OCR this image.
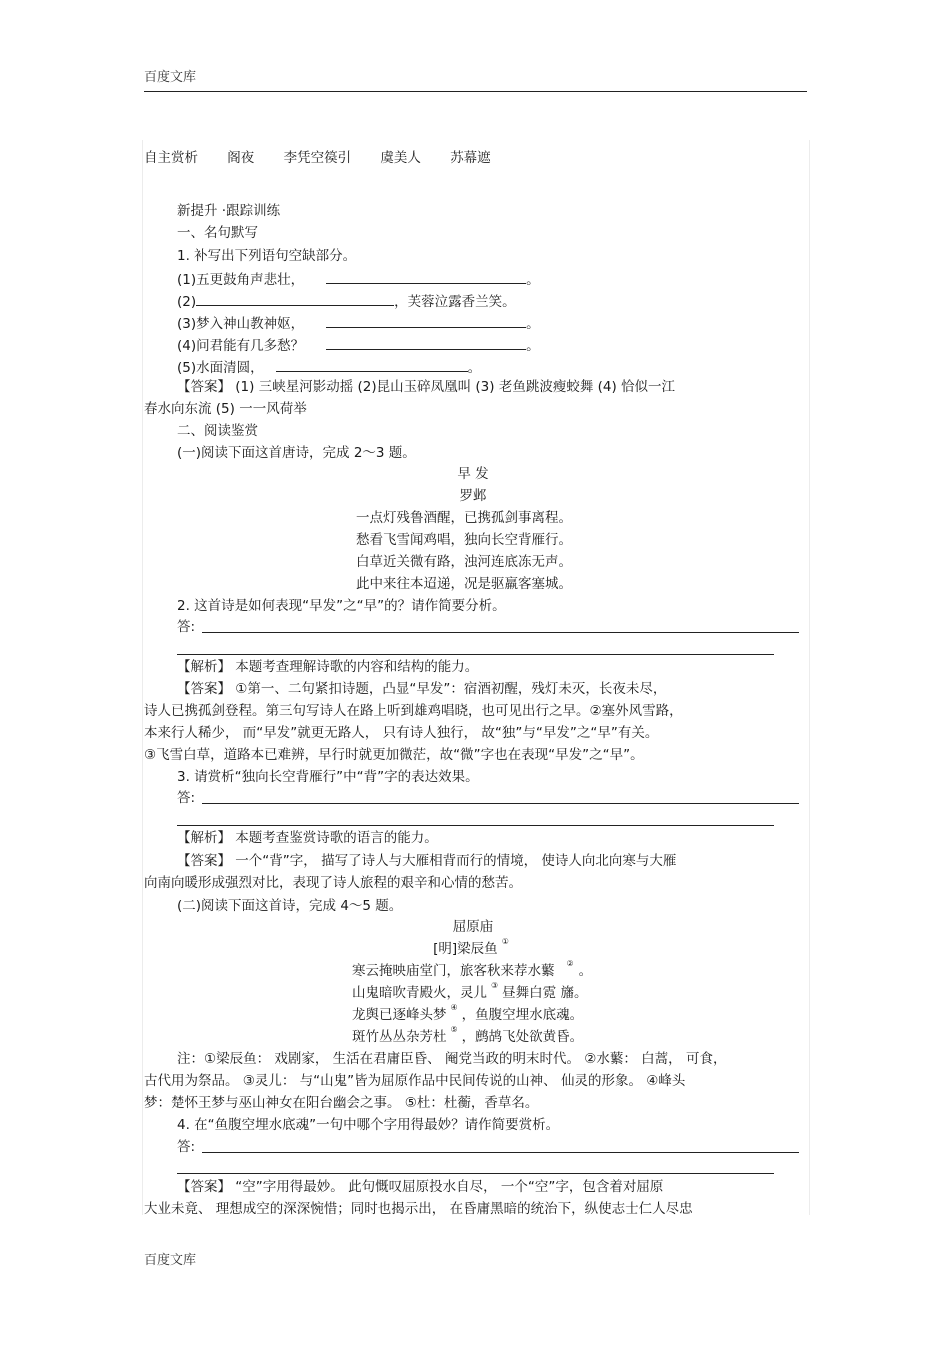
百度文库
自主赏析 阁夜 李凭空篌引 虞美人 苏幕遮
新提升 ·跟踪训练
一、名句默写
1. 补写出下列语句空缺部分。
(1)五更鼓角声悲壮，	。
(2)	，芙蓉泣露香兰笑。
(3)梦入神山教神妪，	。
(4)问君能有几多愁？	。
(5)水面清圆，	。
【答案】 (1) 三峡星河影动摇 (2)昆山玉碎凤凰叫 (3) 老鱼跳波瘦蛟舞 (4) 恰似一江
春水向东流 (5) 一一风荷举
二、阅读鉴赏
(一)阅读下面这首唐诗，完成 2～3 题。
早 发
罗邺
一点灯残鲁酒醒，已携孤剑事离程。
愁看飞雪闻鸡唱，独向长空背雁行。
白草近关微有路，浊河连底冻无声。
此中来往本迢递，况是驱羸客塞城。
2. 这首诗是如何表现“早发”之“早”的？请作简要分析。
答:
【解析】 本题考查理解诗歌的内容和结构的能力。
【答案】 ①第一、二句紧扣诗题，凸显“早发”：宿酒初醒，残灯未灭，长夜未尽，
诗人已携孤剑登程。第三句写诗人在路上听到雄鸡唱晓，也可见出行之早。②塞外风雪路，
本来行人稀少， 而“早发”就更无路人， 只有诗人独行， 故“独”与“早发”之“早”有关。
③飞雪白草，道路本已难辨，早行时就更加微茫，故“微”字也在表现“早发”之“早”。
3. 请赏析“独向长空背雁行”中“背”字的表达效果。
答:
【解析】 本题考查鉴赏诗歌的语言的能力。
【答案】 一个“背”字， 描写了诗人与大雁相背而行的情境， 使诗人向北向寒与大雁
向南向暖形成强烈对比，表现了诗人旅程的艰辛和心情的愁苦。
(二)阅读下面这首诗，完成 4～5 题。
屈原庙
[明]梁辰鱼 ①
寒云掩映庙堂门，旅客秋来荐水蘩 ② 。
山鬼暗吹青殿火，灵儿 ③ 昼舞白霓 旛。
龙舆已逐峰头梦 ④ ，鱼腹空埋水底魂。
斑竹丛丛杂芳杜 ⑤ ，鹧鸪飞处欲黄昏。
注：①梁辰鱼： 戏剧家， 生活在君庸臣昏、 阉党当政的明末时代。 ②水蘩： 白蒿， 可食，
古代用为祭品。 ③灵儿： 与“山鬼”皆为屈原作品中民间传说的山神、 仙灵的形象。 ④峰头
梦：楚怀王梦与巫山神女在阳台幽会之事。 ⑤杜：杜蘅，香草名。
4. 在“鱼腹空埋水底魂”一句中哪个字用得最妙？请作简要赏析。
答:
【答案】 “空”字用得最妙。 此句慨叹屈原投水自尽， 一个“空”字，包含着对屈原
大业未竟、 理想成空的深深惋惜；同时也揭示出， 在昏庸黑暗的统治下，纵使志士仁人尽忠
百度文库
